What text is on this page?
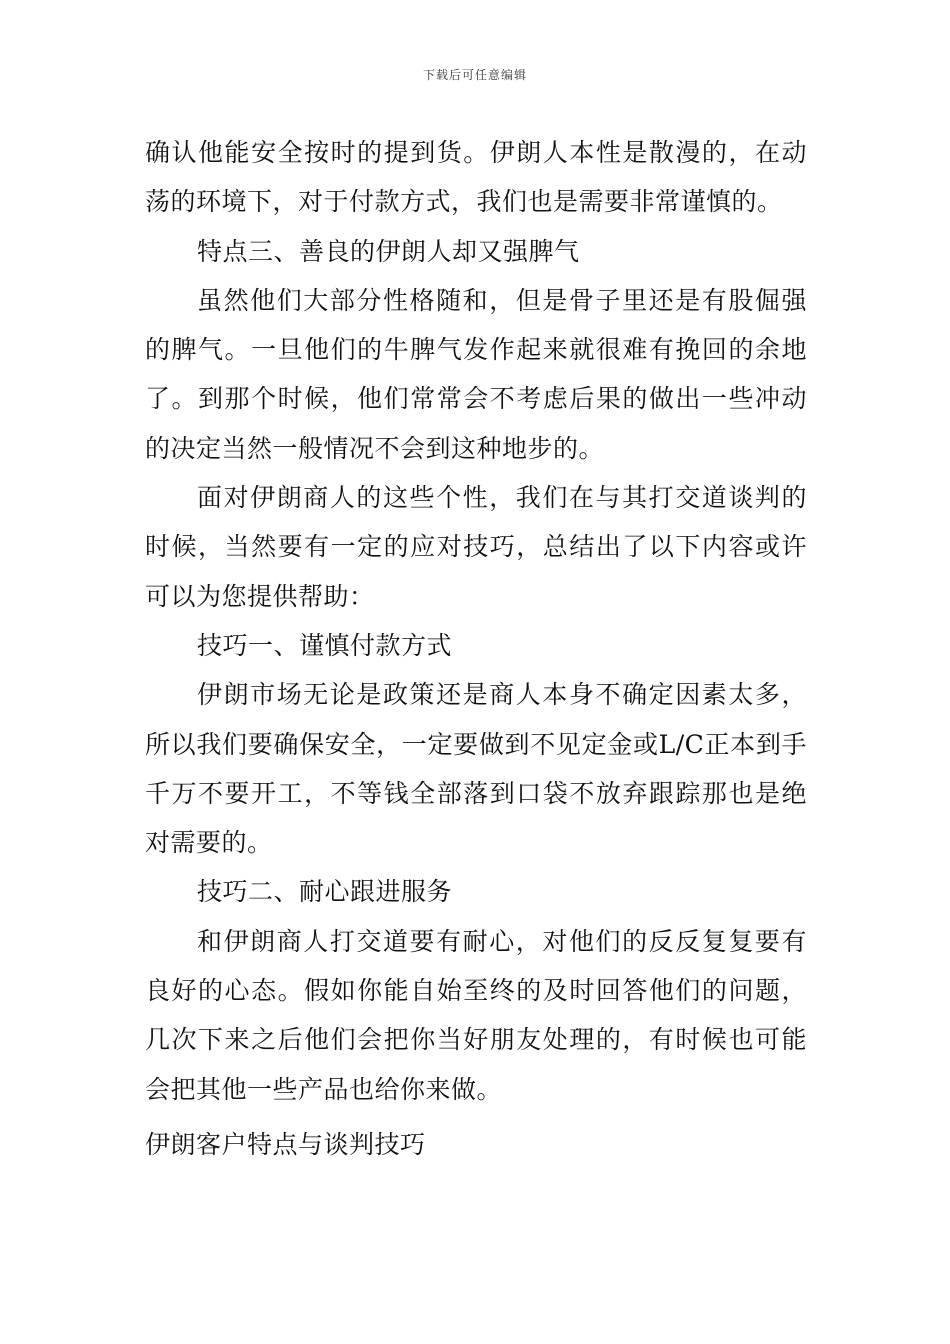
下载后可任意编辑

确认他能安全按时的提到货。伊朗人本性是散漫的，在动荡的环境下，对于付款方式，我们也是需要非常谨慎的。

特点三、善良的伊朗人却又强脾气

虽然他们大部分性格随和，但是骨子里还是有股倔强的脾气。一旦他们的牛脾气发作起来就很难有挽回的余地了。到那个时候，他们常常会不考虑后果的做出一些冲动的决定当然一般情况不会到这种地步的。

面对伊朗商人的这些个性，我们在与其打交道谈判的时候，当然要有一定的应对技巧，总结出了以下内容或许可以为您提供帮助：

技巧一、谨慎付款方式

伊朗市场无论是政策还是商人本身不确定因素太多，所以我们要确保安全，一定要做到不见定金或L/C正本到手千万不要开工，不等钱全部落到口袋不放弃跟踪那也是绝对需要的。

技巧二、耐心跟进服务

和伊朗商人打交道要有耐心，对他们的反反复复要有良好的心态。假如你能自始至终的及时回答他们的问题，几次下来之后他们会把你当好朋友处理的，有时候也可能会把其他一些产品也给你来做。

伊朗客户特点与谈判技巧
